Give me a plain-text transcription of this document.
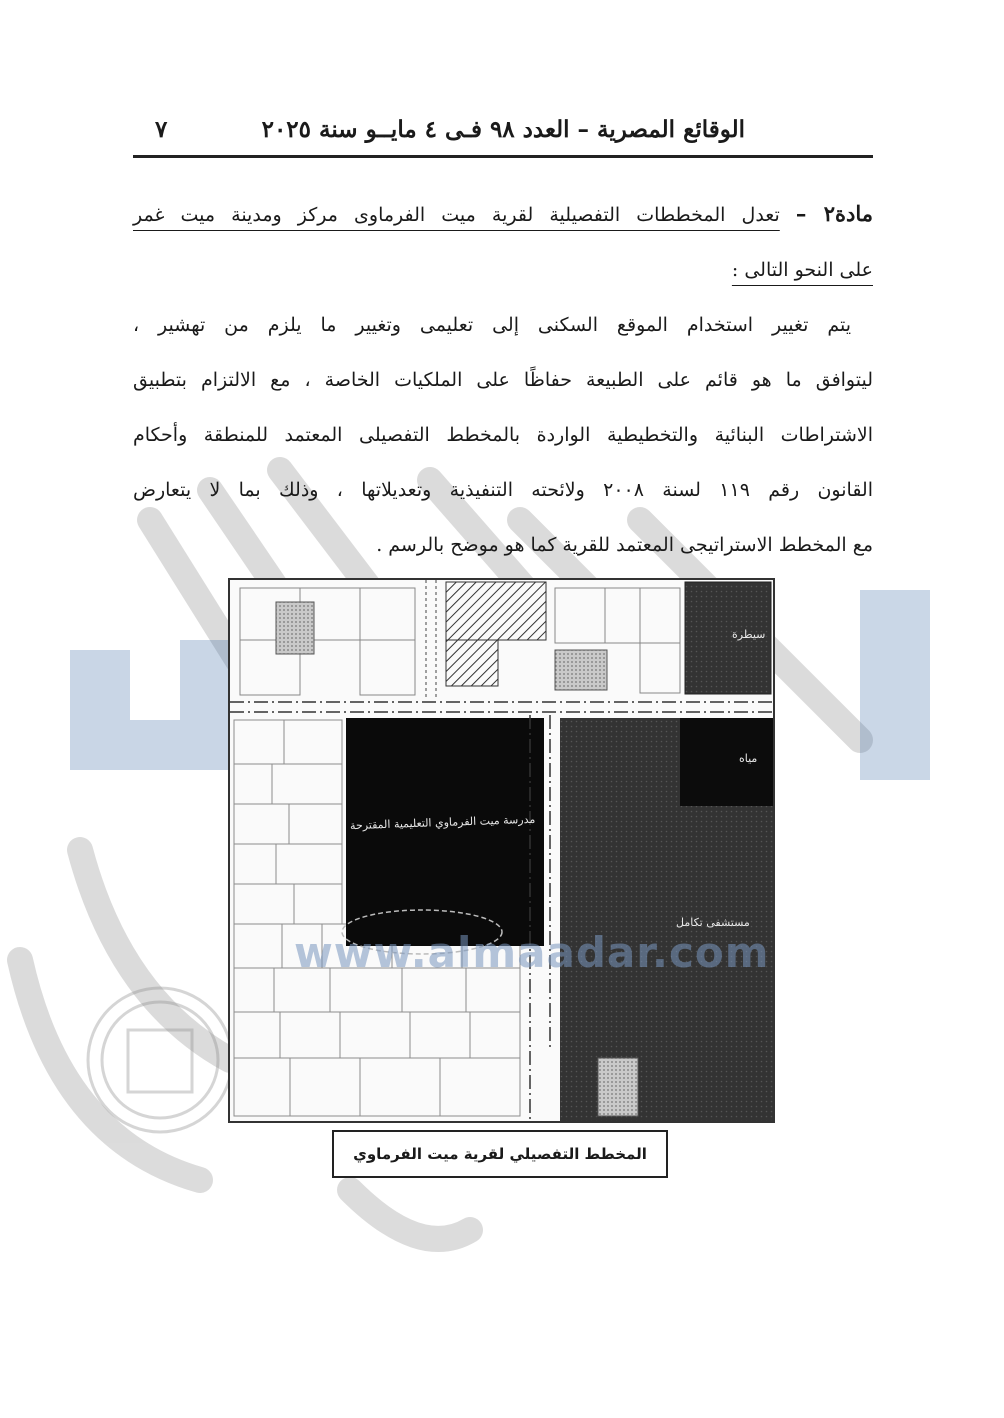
الوقائع المصرية – العدد ٩٨ فـى ٤ مايــو سنة ٢٠٢٥
٧

مادة٢ – تعدل المخططات التفصيلية لقرية ميت الفرماوى مركز ومدينة ميت غمر

على النحو التالى :

يتم تغيير استخدام الموقع السكنى إلى تعليمى وتغيير ما يلزم من تهشير ،

ليتوافق ما هو قائم على الطبيعة حفاظًا على الملكيات الخاصة ، مع الالتزام بتطبيق

الاشتراطات البنائية والتخطيطية الواردة بالمخطط التفصيلى المعتمد للمنطقة وأحكام

القانون رقم ١١٩ لسنة ٢٠٠٨ ولائحته التنفيذية وتعديلاتها ، وذلك بما لا يتعارض

مع المخطط الاستراتيجى المعتمد للقرية كما هو موضح بالرسم .

مدرسة ميت الفرماوي التعليمية المقترحة
مستشفى تكامل
سيطرة
مياه
www.almaadar.com
المخطط التفصيلي لقرية ميت الفرماوي
